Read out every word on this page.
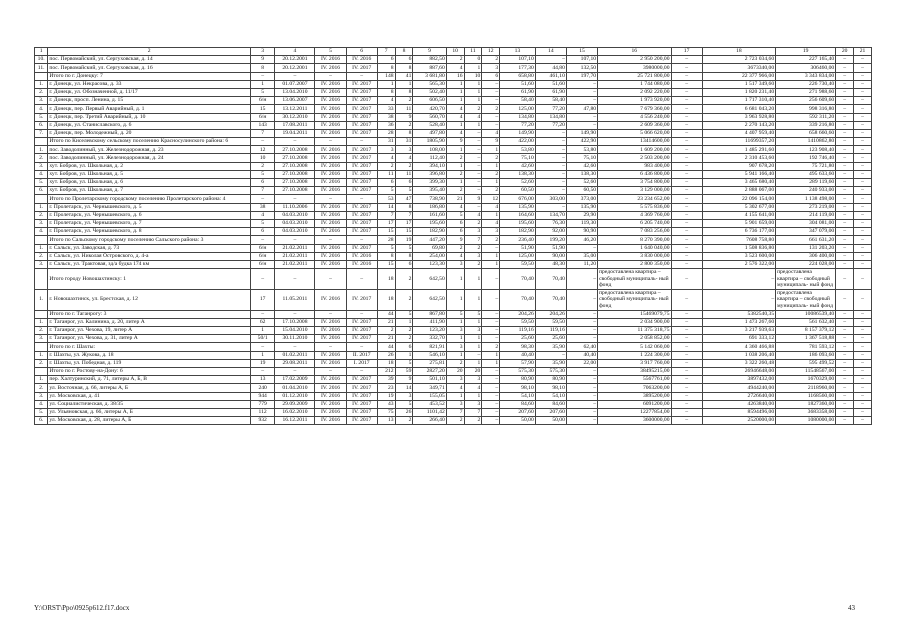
1	2	3	4	5	6	7	8	9	10	11	12	13	14	15	16	17	18	19	20	21
10.	пос. Первомайский, ул. Сергуховская, д. 14	9	20.12.2001	IV. 2016	IV. 2016	6	6	882,50	2	0	2	107,10	–	107,10	2 950 200,00	–	2 723 034,60	227 165,40	–	–
11.	пос. Первомайский, ул. Сергуховская, д. 16	8	20.12.2001	IV. 2016	IV. 2017	8	8	887,60	4	1	3	177,30	44,80	132,50	3980000,00	–	3673340,00	306460,00	–	–
	Итого по г. Донецку: 7	–	–	–	–	148	41	3 681,80	16	10	6	658,80	461,10	197,70	25 721 800,00	–	22 377 966,00	3 343 834,00	–	–
1.	г. Донецк, ул. Некрасова, д. 33	1	01.07.2007	IV. 2016	IV. 2017	1	1	565,30	1	1	–	51,60	51,60	–	1 744 080,00	–	1 517 349,60	226 730,40	–	–
2.	г. Донецк, ул. Обозначенной, д. 11/17	5	13.04.2010	IV. 2016	IV. 2017	8	8	502,40	1	1	–	61,90	61,90	–	2 092 220,00	–	1 820 231,40	271 988,60	–	–
3.	г. Донецк, просп. Ленина, д. 15	6/н	13.06.2007	IV. 2016	IV. 2017	4	2	606,50	1	1	–	58,40	58,40	–	1 973 920,00	–	1 717 310,40	256 609,60	–	–
4.	г. Донецк, пер. Первый Аварийный, д. 1	15	13.12.2011	IV. 2016	IV. 2017	33	11	420,70	4	2	2	125,00	77,20	47,80	7 679 360,00	–	6 681 043,20	998 316,80	–	–
5.	г. Донецк, пер. Третий Аварийный, д. 10	6/н	30.12.2010	IV. 2016	IV. 2017	38	9	560,70	4	4	–	134,80	134,80	–	4 556 240,00	–	3 963 928,80	592 311,20	–	–
6.	г. Донецк, ул. Станиславского, д. 6	143	17.08.2011	IV. 2016	IV. 2017	36	2	528,40	1	1	–	77,20	77,20	–	2 609 360,00	–	2 270 143,20	339 216,80	–	–
7.	г. Донецк, пер. Молодежный, д. 20	7	19.04.2011	IV. 2016	IV. 2017	28	8	497,80	4	–	4	149,90	–	149,90	5 066 620,00	–	4 407 959,40	658 660,60	–	–
	Итого по Киселевскому сельскому поселению Красносулинского района: 6	–	–	–	–	31	31	1805,90	9	–	9	422,00	–	422,90	13414600,00	–	11699357,20	1410862,80	–	–
1.	пос. Заводолинный, ул. Железнодорожная, д. 23	12	27.10.2008	IV. 2016	IV. 2017	3	3	108,00	1	–	1	53,80	–	53,80	1 609 200,00	–	1 485 291,60	123 908,40	–	–
2.	пос. Заводолинный, ул. Железнодорожная, д. 24	10	27.10.2008	IV. 2016	IV. 2017	4	4	112,40	2	–	2	75,10	–	75,10	2 503 200,00	–	2 310 453,60	192 746,40	–	–
3.	хут. Бобров, ул. Школьная, д. 2	2	27.10.2008	IV. 2016	IV. 2017	2	2	394,10	1	–	1	42,60	–	42,60	983 400,00	–	907 678,20	75 721,80	–	–
4.	хут. Бобров, ул. Школьная, д. 5	5	27.10.2008	IV. 2016	IV. 2017	11	11	396,80	2	–	2	138,30	–	138,30	6 436 800,00	–	5 941 166,40	495 633,60	–	–
5.	хут. Бобров, ул. Школьная, д. 6	6	27.10.2008	IV. 2016	IV. 2017	6	6	399,30	1	–	1	52,60	–	52,60	3 754 800,00	–	3 465 680,40	289 119,60	–	–
6.	хут. Бобров, ул. Школьная, д. 7	7	27.10.2008	IV. 2016	IV. 2017	5	5	395,40	2	–	2	60,50	–	60,50	3 129 000,00	–	2 888 067,00	240 933,00	–	–
	Итого по Пролетарскому городскому поселению Пролетарского района: 4	–	–	–	–	53	47	738,90	21	9	12	676,00	303,00	373,00	23 234 652,00	–	22 096 154,00	1 138 498,00	–	–
1.	г. Пролетарск, ул. Чернышевского, д. 5	38	11.10.2006	IV. 2016	IV. 2017	14	8	186,80	4	–	4	135,90	–	135,90	5 575 836,00	–	5 302 677,00	273 219,00	–	–
2.	г. Пролетарск, ул. Чернышевского, д. 6	4	04.03.2010	IV. 2016	IV. 2017	7	7	161,60	5	4	1	164,60	134,70	29,90	4 369 760,00	–	4 155 641,00	214 119,00	–	–
3.	г. Пролетарск, ул. Чернышевского, д. 7	5	04.03.2010	IV. 2016	IV. 2017	17	17	195,60	6	2	4	195,60	76,30	119,30	6 205 740,00	–	5 901 659,00	304 081,00	–	–
4.	г. Пролетарск, ул. Чернышевского, д. 8	6	04.03.2010	IV. 2016	IV. 2017	15	15	182,90	6	3	3	182,90	92,00	90,90	7 083 256,00	–	6 736 177,00	347 079,00	–	–
	Итого по Сальскому городскому поселению Сальского района: 3	–	–	–	–	28	19	447,20	9	7	2	236,40	199,20	46,20	8 270 390,00	–	7608 758,80	661 631,20	–	–
1.	г. Сальск, ул. Заводская, д. 73	6/н	21.02.2011	IV. 2016	IV. 2017	5	5	69,80	2	2	–	51,90	51,90	–	1 640 040,00	–	1 508 836,80	131 203,20	–	–
2.	г. Сальск, ул. Николая Островского, д. 4-а	6/н	21.02.2011	IV. 2016	IV. 2016	8	8	254,00	4	3	1	125,00	90,00	35,00	3 830 000,00	–	3 523 600,00	306 400,00	–	–
3.	г. Сальск, ул. Трактовая, зд/а будка 174 км	6/н	21.02.2011	IV. 2016	IV. 2016	15	6	123,30	3	2	1	59,50	48,30	11,20	2 800 350,00	–	2 576 322,00	224 028,00	–	–
	Итого городу Новошахтинску: 1	–	–	–	–	18	2	642,50	1	1	–	70,40	70,40	–	предоставлена квартира – свободный муниципаль- ный фонд	–	–	предоставлена квартира – свободный муниципаль- ный фонд	–	–
1.	г. Новошахтинск, ул. Брестская, д. 12	17	11.05.2011	IV. 2016	IV. 2017	18	2	642,50	1	1	–	70,40	70,40	–	предоставлена квартира – свободный муниципаль- ный фонд	–	–	предоставлена квартира – свободный муниципаль- ный фонд	–	–
	Итого по г. Таганрогу: 3	–	–	–	–	44	5	867,80	5	5	–	204,26	204,26	–	15469079,75	–	5382540,35	10086539,40	–	–
1.	г. Таганрог, ул. Калинина, д. 20, литер А	62	17.10.2008	IV. 2016	IV. 2017	21	1	411,90	1	1	–	59,50	59,50	–	2 034 900,00	–	1 473 267,60	561 632,40	–	–
2.	г. Таганрог, ул. Чехова, 19, литер А	1	15.04.2010	IV. 2016	IV. 2017	2	2	123,20	3	3	–	119,16	119,16	–	11 375 318,75	–	3 217 939,63	8 157 379,12	–	–
3.	г. Таганрог, ул. Чехова, д. 31, литер А	50/1	30.11.2010	IV. 2016	IV. 2017	21	2	332,70	1	1	–	25,60	25,60	–	2 058 852,00	–	691 333,12	1 367 518,88	–	–
	Итого по г. Шахты:	–	–	–	–	44	6	821,91	3	1	2	98,30	35,90	62,40	5 142 060,00	–	4 360 466,88	781 593,12	–	–
1.	г. Шахты, ул. Жукова, д. 18	1	01.02.2011	IV. 2016	II. 2017	26	1	546,10	1	–	1	40,40	–	40,40	1 224 300,00	–	1 038 206,40	186 093,60	–	–
2.	г. Шахты, ул. Победная, д. 119	19	29.08.2011	IV. 2016	I. 2017	18	5	275,81	2	1	1	57,90	35,90	22,00	3 917 760,00	–	3 322 260,48	595 499,52	–	–
	Итого по г. Ростову-на-Дону: 6	–	–	–	–	212	59	2827,20	20	20	–	575,30	575,30	–	38495215,00	–	26946648,00	11548567,00	–	–
1.	пер. Халтуринский, д. 71, литеры А, Б, В	13	17.02.2009	IV. 2016	IV. 2017	39	9	501,10	3	3	–	80,90	80,90	–	5567761,00	–	3897432,00	1670329,00	–	–
2.	ул. Восточная, д. 66, литеры А, Б	240	01.04.2010	IV. 2016	IV. 2017	23	14	349,71	4	4	–	98,10	98,10	–	7063200,00	–	4944240,00	2118960,00	–	–
3.	ул. Московская, д. 41	944	01.12.2010	IV. 2016	IV. 2017	19	3	155,05	1	1	–	54,10	54,10	–	3895200,00	–	2726640,00	1168560,00	–	–
4.	ул. Социалистическая, д. 38/35	779	29.09.2009	IV. 2016	IV. 2017	43	5	453,52	3	3	–	84,60	84,60	–	6091200,00	–	4263840,00	1827360,00	–	–
5.	ул. Ульяновская, д. 66, литеры А, Б	112	16.02.2010	IV. 2016	IV. 2017	75	26	1101,42	7	7	–	207,60	207,60	–	12277854,00	–	8594496,00	3683358,00	–	–
6.	ул. Московская, д. 28, литеры А, Б	932	16.12.2011	IV. 2016	IV. 2017	13	2	266,40	2	2	–	50,00	50,00	–	3600000,00	–	2520000,00	1080000,00	–	–
Y:\ORST\Ppo\0925p612.f17.docx	43
